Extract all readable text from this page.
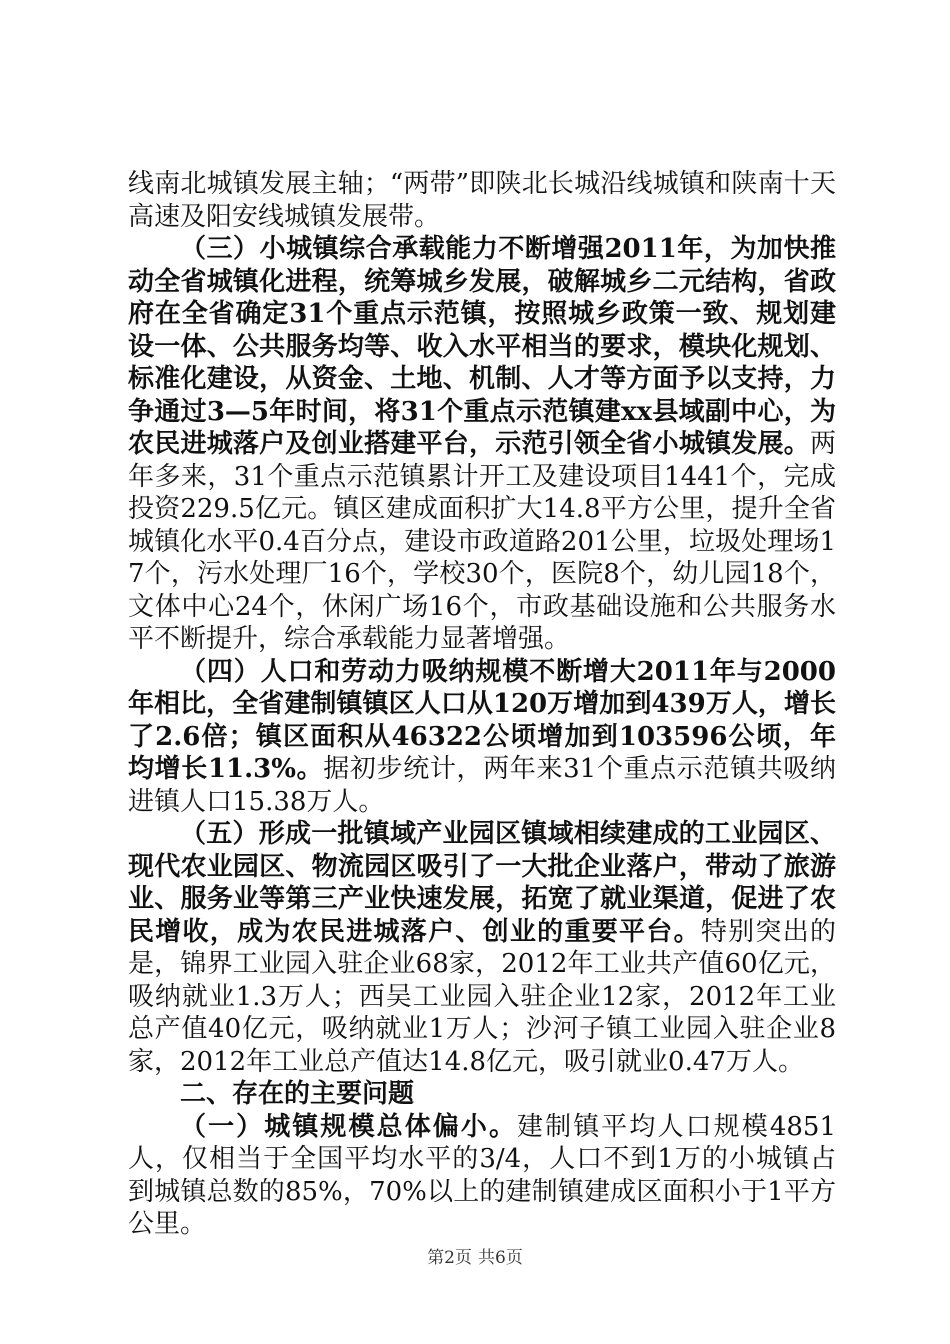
线南北城镇发展主轴；“两带”即陕北长城沿线城镇和陕南十天高速及阳安线城镇发展带。

（三）小城镇综合承载能力不断增强2011年，为加快推动全省城镇化进程，统筹城乡发展，破解城乡二元结构，省政府在全省确定31个重点示范镇，按照城乡政策一致、规划建设一体、公共服务均等、收入水平相当的要求，模块化规划、标准化建设，从资金、土地、机制、人才等方面予以支持，力争通过3—5年时间，将31个重点示范镇建xx县域副中心，为农民进城落户及创业搭建平台，示范引领全省小城镇发展。两年多来，31个重点示范镇累计开工及建设项目1441个，完成投资229.5亿元。镇区建成面积扩大14.8平方公里，提升全省城镇化水平0.4百分点，建设市政道路201公里，垃圾处理场17个，污水处理厂16个，学校30个，医院8个，幼儿园18个，文体中心24个，休闲广场16个，市政基础设施和公共服务水平不断提升，综合承载能力显著增强。

（四）人口和劳动力吸纳规模不断增大2011年与2000年相比，全省建制镇镇区人口从120万增加到439万人，增长了2.6倍；镇区面积从46322公顷增加到103596公顷，年均增长11.3%。据初步统计，两年来31个重点示范镇共吸纳进镇人口15.38万人。

（五）形成一批镇域产业园区镇域相续建成的工业园区、现代农业园区、物流园区吸引了一大批企业落户，带动了旅游业、服务业等第三产业快速发展，拓宽了就业渠道，促进了农民增收，成为农民进城落户、创业的重要平台。特别突出的是，锦界工业园入驻企业68家，2012年工业共产值60亿元，吸纳就业1.3万人；西吴工业园入驻企业12家，2012年工业总产值40亿元，吸纳就业1万人；沙河子镇工业园入驻企业8家，2012年工业总产值达14.8亿元，吸引就业0.47万人。

二、存在的主要问题

（一）城镇规模总体偏小。建制镇平均人口规模4851人，仅相当于全国平均水平的3/4，人口不到1万的小城镇占到城镇总数的85%，70%以上的建制镇建成区面积小于1平方公里。

第2页 共6页
